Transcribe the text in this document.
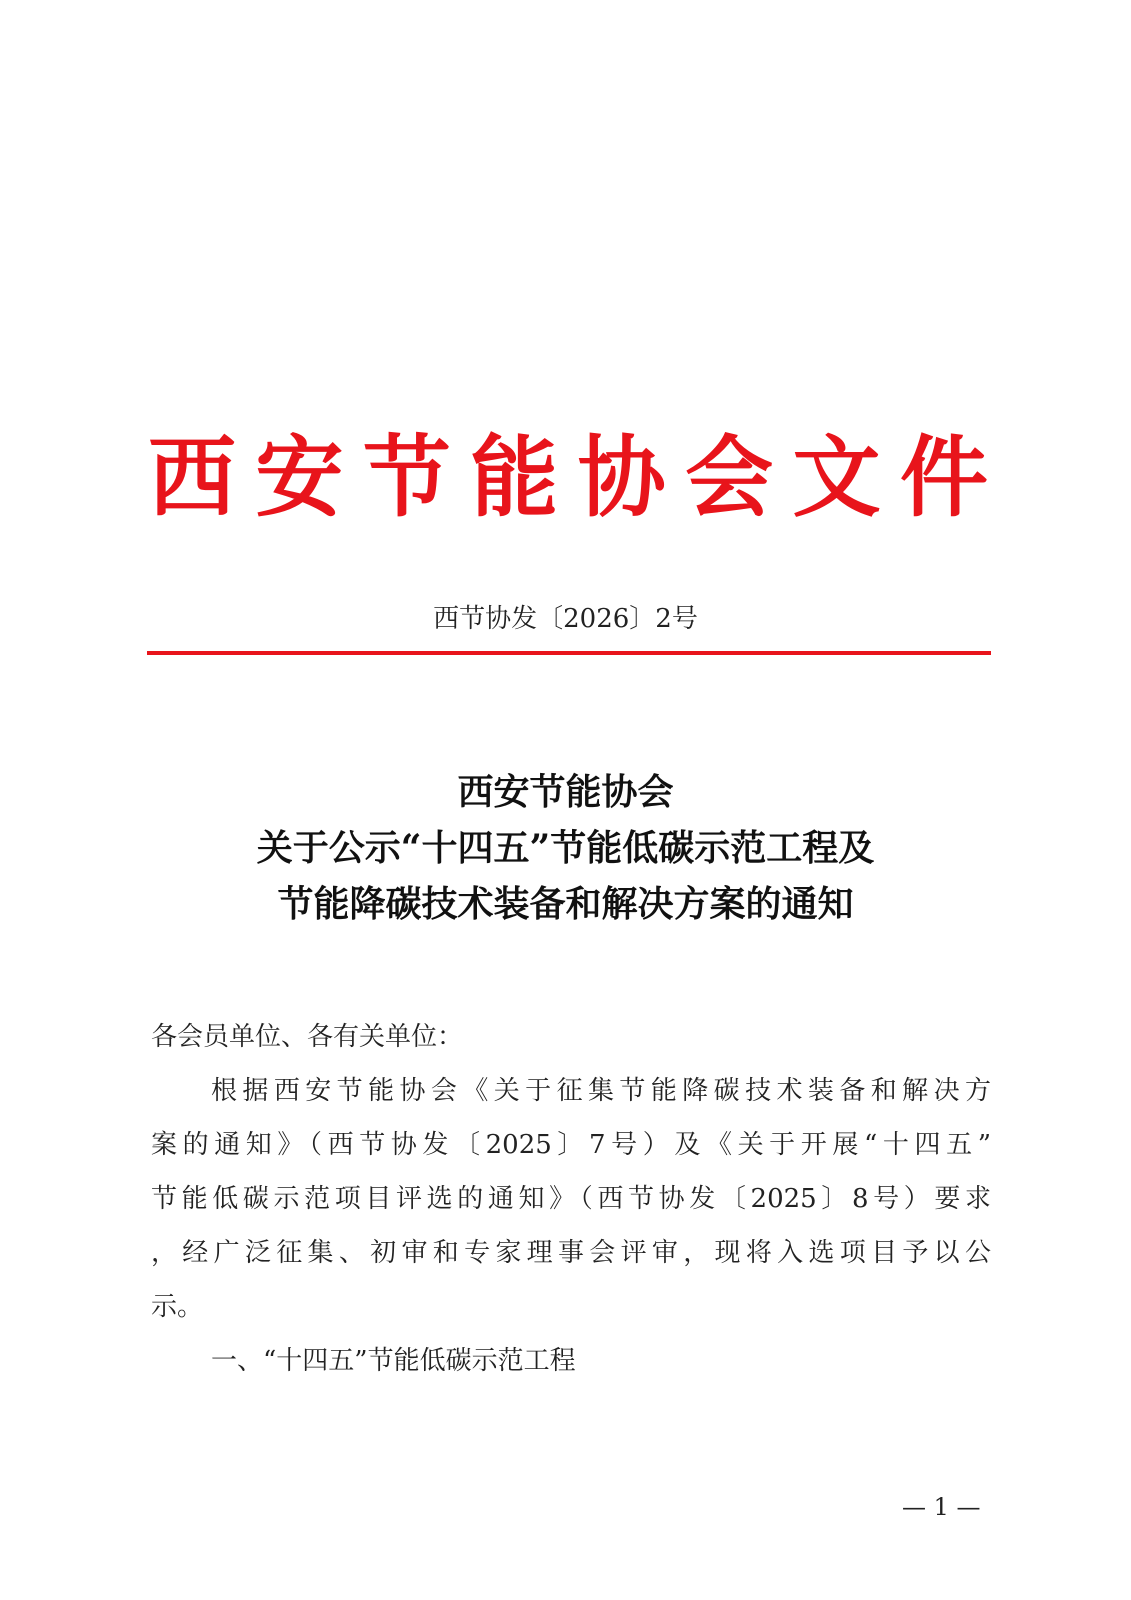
西 安 节 能 协 会 文 件
西节协发〔2026〕2号
西安节能协会
关于公示“十四五”节能低碳示范工程及
节能降碳技术装备和解决方案的通知
各会员单位、各有关单位：
根据西安节能协会《关于征集节能降碳技术装备和解决方
案的通知》（西节协发〔2025〕7号）及《关于开展“十四五”
节能低碳示范项目评选的通知》（西节协发〔2025〕8号）要求
，经广泛征集、初审和专家理事会评审，现将入选项目予以公
示。
一、“十四五”节能低碳示范工程
— 1 —
